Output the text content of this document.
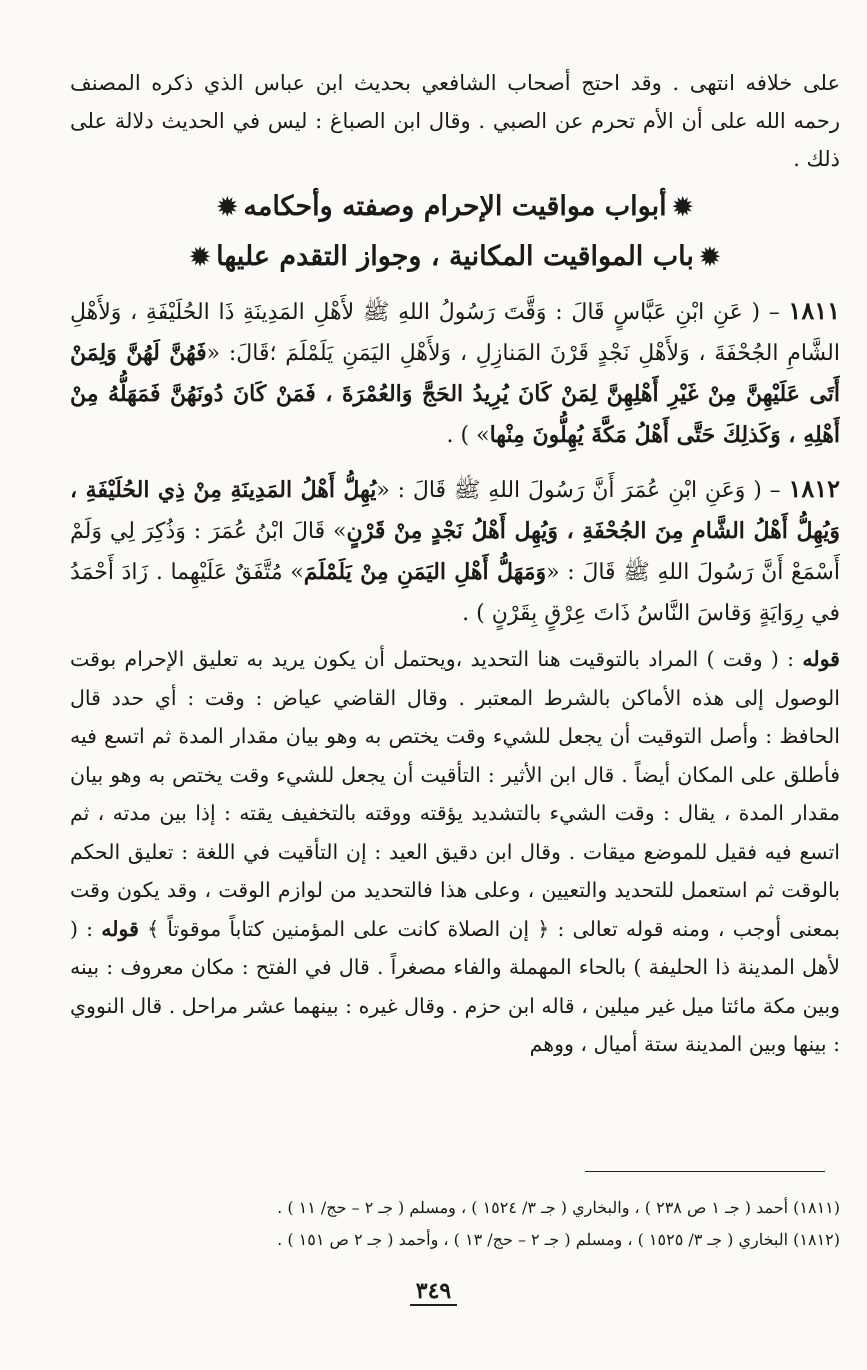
على خلافه انتهى . وقد احتج أصحاب الشافعي بحديث ابن عباس الذي ذكره المصنف رحمه الله على أن الأم تحرم عن الصبي . وقال ابن الصباغ : ليس في الحديث دلالة على ذلك .

✹أبواب مواقيت الإحرام وصفته وأحكامه✹
✹باب المواقيت المكانية ، وجواز التقدم عليها✹

١٨١١ – ( عَنِ ابْنِ عَبَّاسٍ قَالَ : وَقَّتَ رَسُولُ اللهِ ﷺ لأَهْلِ المَدِينَةِ ذَا الحُلَيْفَةِ ، وَلأَهْلِ الشَّامِ الجُحْفَةَ ، وَلأَهْلِ نَجْدٍ قَرْنَ المَنازِلِ ، وَلأَهْلِ اليَمَنِ يَلَمْلَمَ ؛قَالَ: «فَهُنَّ لَهُنَّ وَلِمَنْ أَتَى عَلَيْهِنَّ مِنْ غَيْرِ أَهْلِهِنَّ لِمَنْ كَانَ يُرِيدُ الحَجَّ وَالعُمْرَةَ ، فَمَنْ كَانَ دُونَهُنَّ فَمَهَلُّهُ مِنْ أَهْلِهِ ، وَكَذلِكَ حَتَّى أَهْلُ مَكَّةَ يُهِلُّونَ مِنْها» ) .

١٨١٢ – ( وَعَنِ ابْنِ عُمَرَ أَنَّ رَسُولَ اللهِ ﷺ قَالَ : «يُهِلُّ أَهْلُ المَدِينَةِ مِنْ ذِي الحُلَيْفَةِ ، وَيُهِلُّ أَهْلُ الشَّامِ مِنَ الجُحْفَةِ ، وَيُهِل أَهْلُ نَجْدٍ مِنْ قَرْنٍ» قَالَ ابْنُ عُمَرَ : وَذُكِرَ لِي وَلَمْ أَسْمَعْ أَنَّ رَسُولَ اللهِ ﷺ قَالَ : «وَمَهَلُّ أَهْلِ اليَمَنِ مِنْ يَلَمْلَمَ» مُتَّفَقٌ عَلَيْهِما . زَادَ أَحْمَدُ في رِوَايَةٍ وَقاسَ النَّاسُ ذَاتَ عِرْقٍ بِقَرْنٍ ) .

قوله : ( وقت ) المراد بالتوقيت هنا التحديد ،ويحتمل أن يكون يريد به تعليق الإحرام بوقت الوصول إلى هذه الأماكن بالشرط المعتبر . وقال القاضي عياض : وقت : أي حدد قال الحافظ : وأصل التوقيت أن يجعل للشيء وقت يختص به وهو بيان مقدار المدة ثم اتسع فيه فأطلق على المكان أيضاً . قال ابن الأثير : التأقيت أن يجعل للشيء وقت يختص به وهو بيان مقدار المدة ، يقال : وقت الشيء بالتشديد يؤقته ووقته بالتخفيف يقته : إذا بين مدته ، ثم اتسع فيه فقيل للموضع ميقات . وقال ابن دقيق العيد : إن التأقيت في اللغة : تعليق الحكم بالوقت ثم استعمل للتحديد والتعيين ، وعلى هذا فالتحديد من لوازم الوقت ، وقد يكون وقت بمعنى أوجب ، ومنه قوله تعالى : ﴿ إن الصلاة كانت على المؤمنين كتاباً موقوتاً ﴾ قوله : ( لأهل المدينة ذا الحليفة ) بالحاء المهملة والفاء مصغراً . قال في الفتح : مكان معروف : بينه وبين مكة مائتا ميل غير ميلين ، قاله ابن حزم . وقال غيره : بينهما عشر مراحل . قال النووي : بينها وبين المدينة ستة أميال ، ووهم

(١٨١١) أحمد ( جـ ١ ص ٢٣٨ ) ، والبخاري ( جـ ٣/ ١٥٢٤ ) ، ومسلم ( جـ ٢ – حج/ ١١ ) .
(١٨١٢) البخاري ( جـ ٣/ ١٥٢٥ ) ، ومسلم ( جـ ٢ – حج/ ١٣ ) ، وأحمد ( جـ ٢ ص ١٥١ ) .
٣٤٩
